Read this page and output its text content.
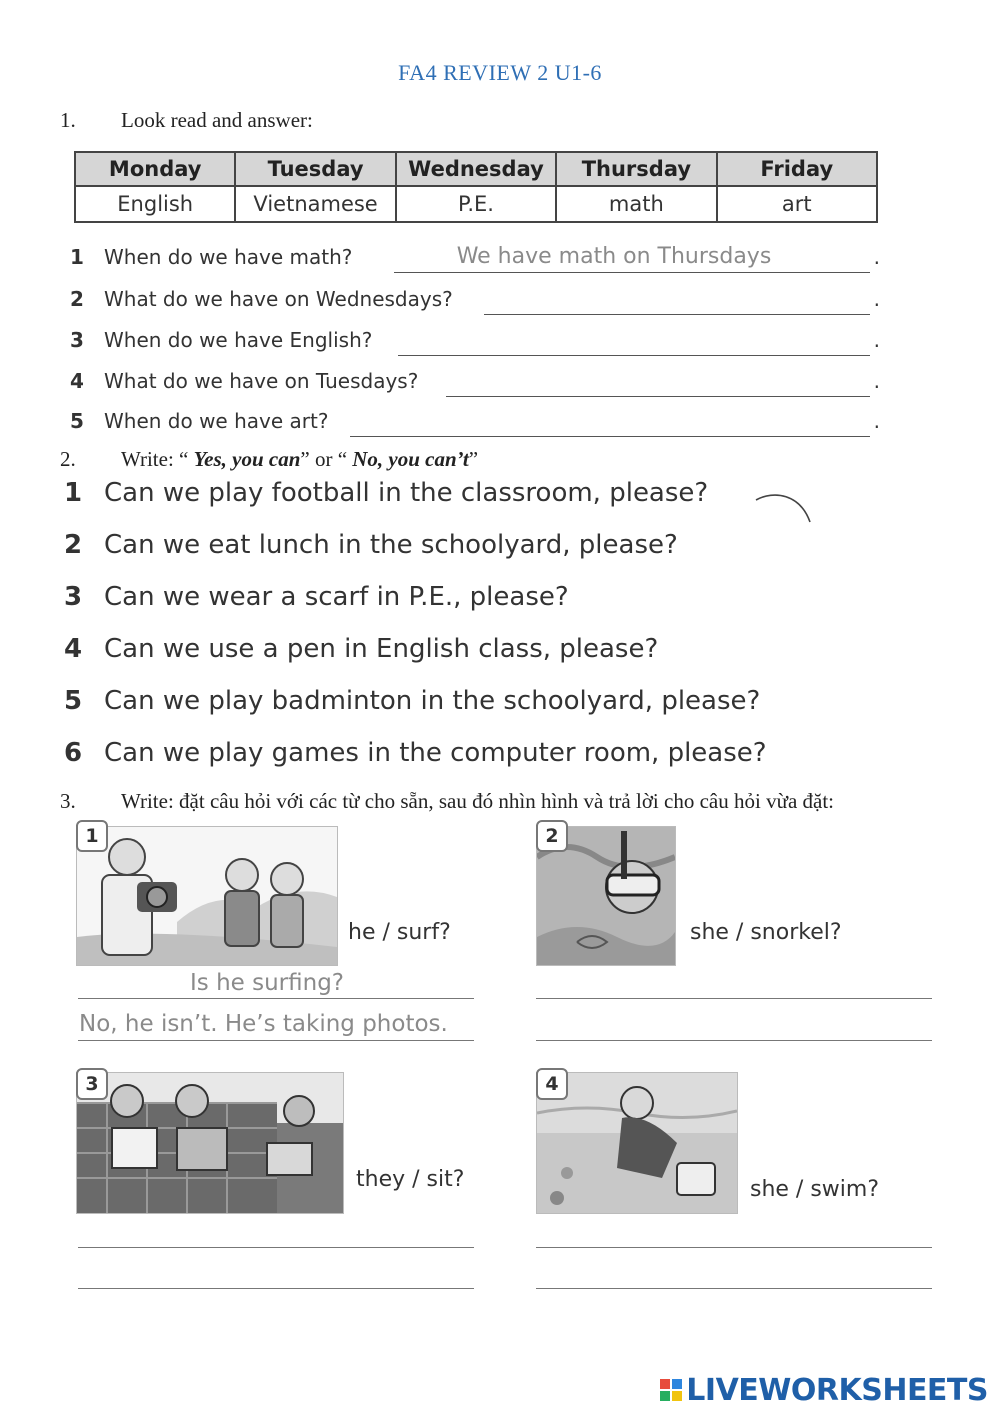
FA4 REVIEW 2 U1-6
1. Look read and answer:
Monday	Tuesday	Wednesday	Thursday	Friday
English	Vietnamese	P.E.	math	art
1	When do we have math?	We have math on Thursdays	.
2	What do we have on Wednesdays?	.
3	When do we have English?	.
4	What do we have on Tuesdays?	.
5	When do we have art?	.
2. Write: “ Yes, you can” or “ No, you can’t”
1 Can we play football in the classroom, please?
2 Can we eat lunch in the schoolyard, please?
3 Can we wear a scarf in P.E., please?
4 Can we use a pen in English class, please?
5 Can we play badminton in the schoolyard, please?
6 Can we play games in the computer room, please?
3. Write: đặt câu hỏi với các từ cho sẵn, sau đó nhìn hình và trả lời cho câu hỏi vừa đặt:
1
he / surf?
Is he surfing?
No, he isn’t. He’s taking photos.
2
she / snorkel?
3
they / sit?
4
she / swim?
LIVEWORKSHEETS
